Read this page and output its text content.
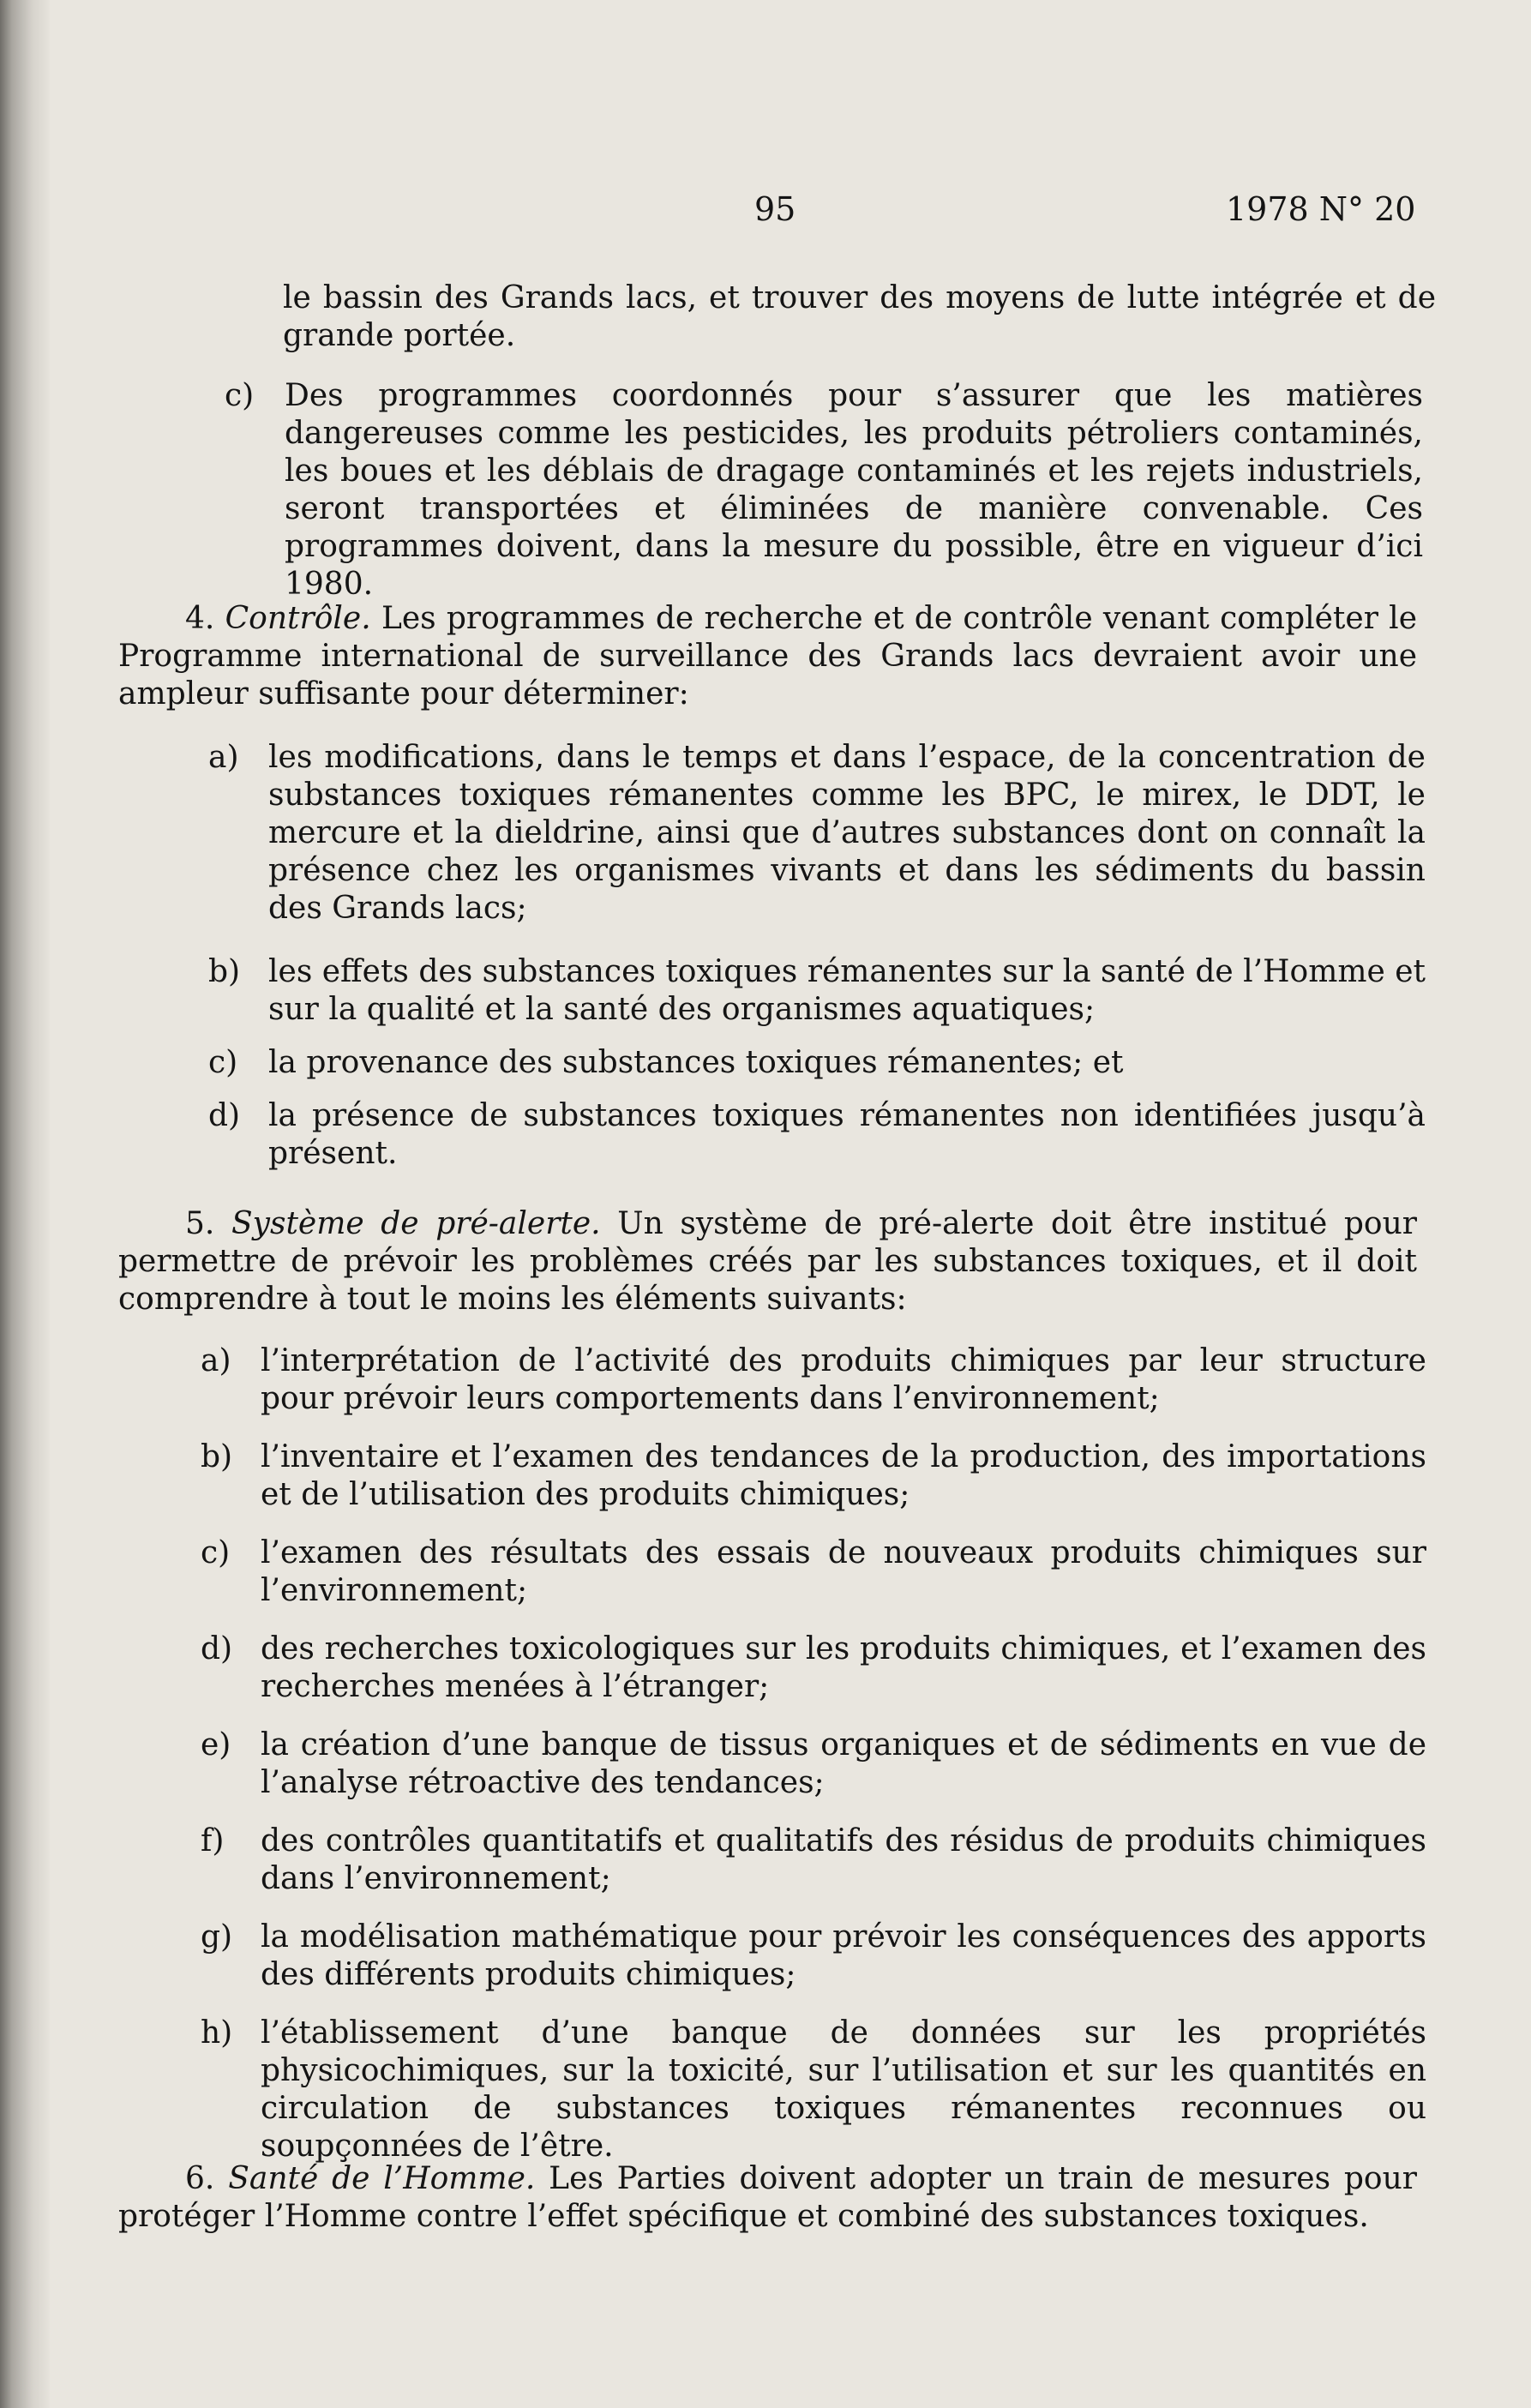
95	1978 N° 20
le bassin des Grands lacs, et trouver des moyens de lutte intégrée et de grande portée.
c) Des programmes coordonnés pour s’assurer que les matières dangereuses comme les pesticides, les produits pétroliers contaminés, les boues et les déblais de dragage contaminés et les rejets industriels, seront transportées et éliminées de manière convenable. Ces programmes doivent, dans la mesure du possible, être en vigueur d’ici 1980.
4. Contrôle. Les programmes de recherche et de contrôle venant compléter le Programme international de surveillance des Grands lacs devraient avoir une ampleur suffisante pour déterminer:
a) les modifications, dans le temps et dans l’espace, de la concentration de substances toxiques rémanentes comme les BPC, le mirex, le DDT, le mercure et la dieldrine, ainsi que d’autres substances dont on connaît la présence chez les organismes vivants et dans les sédiments du bassin des Grands lacs;
b) les effets des substances toxiques rémanentes sur la santé de l’Homme et sur la qualité et la santé des organismes aquatiques;
c) la provenance des substances toxiques rémanentes; et
d) la présence de substances toxiques rémanentes non identifiées jusqu’à présent.
5. Système de pré-alerte. Un système de pré-alerte doit être institué pour permettre de prévoir les problèmes créés par les substances toxiques, et il doit comprendre à tout le moins les éléments suivants:
a) l’interprétation de l’activité des produits chimiques par leur structure pour prévoir leurs comportements dans l’environnement;
b) l’inventaire et l’examen des tendances de la production, des importations et de l’utilisation des produits chimiques;
c) l’examen des résultats des essais de nouveaux produits chimiques sur l’environnement;
d) des recherches toxicologiques sur les produits chimiques, et l’examen des recherches menées à l’étranger;
e) la création d’une banque de tissus organiques et de sédiments en vue de l’analyse rétroactive des tendances;
f) des contrôles quantitatifs et qualitatifs des résidus de produits chimiques dans l’environnement;
g) la modélisation mathématique pour prévoir les conséquences des apports des différents produits chimiques;
h) l’établissement d’une banque de données sur les propriétés physicochimiques, sur la toxicité, sur l’utilisation et sur les quantités en circulation de substances toxiques rémanentes reconnues ou soupçonnées de l’être.
6. Santé de l’Homme. Les Parties doivent adopter un train de mesures pour protéger l’Homme contre l’effet spécifique et combiné des substances toxiques.
